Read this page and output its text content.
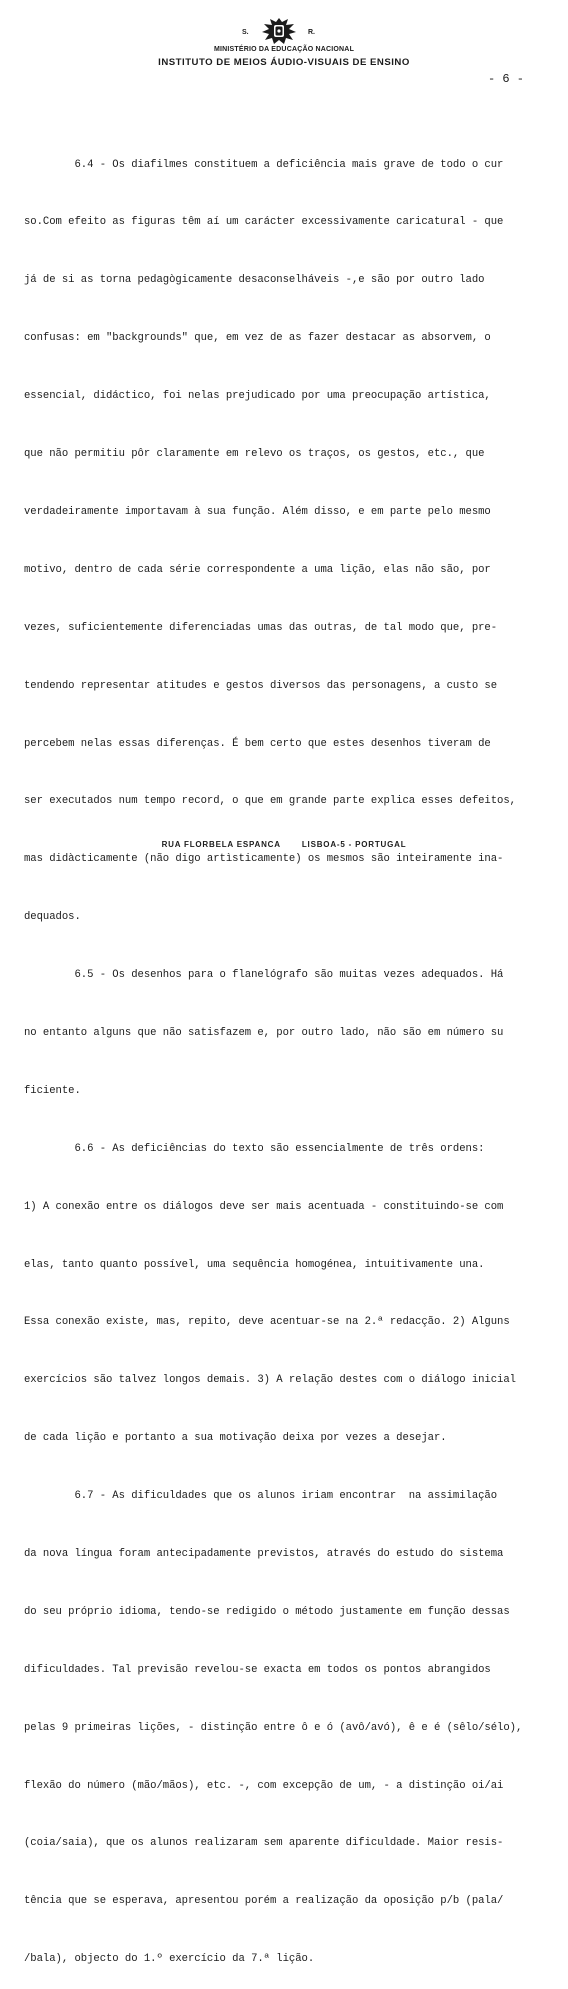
S.	R.
MINISTÉRIO DA EDUCAÇÃO NACIONAL
INSTITUTO DE MEIOS ÁUDIO-VISUAIS DE ENSINO
- 6 -

6.4 - Os diafilmes constituem a deficiência mais grave de todo o cur

so.Com efeito as figuras têm aí um carácter excessivamente caricatural - que

já de si as torna pedagògicamente desaconselháveis -,e são por outro lado

confusas: em "backgrounds" que, em vez de as fazer destacar as absorvem, o

essencial, didáctico, foi nelas prejudicado por uma preocupação artística,

que não permitiu pôr claramente em relevo os traços, os gestos, etc., que

verdadeiramente importavam à sua função. Além disso, e em parte pelo mesmo

motivo, dentro de cada série correspondente a uma lição, elas não são, por

vezes, suficientemente diferenciadas umas das outras, de tal modo que, pre-

tendendo representar atitudes e gestos diversos das personagens, a custo se

percebem nelas essas diferenças. É bem certo que estes desenhos tiveram de

ser executados num tempo record, o que em grande parte explica esses defeitos,

mas didàcticamente (não digo artìsticamente) os mesmos são inteiramente ina-

dequados.

6.5 - Os desenhos para o flanelógrafo são muitas vezes adequados. Há

no entanto alguns que não satisfazem e, por outro lado, não são em número su

ficiente.

6.6 - As deficiências do texto são essencialmente de três ordens:

1) A conexão entre os diálogos deve ser mais acentuada - constituindo-se com

elas, tanto quanto possível, uma sequência homogénea, intuitivamente una.

Essa conexão existe, mas, repito, deve acentuar-se na 2.ª redacção. 2) Alguns

exercícios são talvez longos demais. 3) A relação destes com o diálogo inicial

de cada lição e portanto a sua motivação deixa por vezes a desejar.

6.7 - As dificuldades que os alunos iriam encontrar  na assimilação

da nova língua foram antecipadamente previstos, através do estudo do sistema

do seu próprio idioma, tendo-se redigido o método justamente em função dessas

dificuldades. Tal previsão revelou-se exacta em todos os pontos abrangidos

pelas 9 primeiras lições, - distinção entre ô e ó (avô/avó), ê e é (sêlo/sélo),

flexão do número (mão/mãos), etc. -, com excepção de um, - a distinção oi/ai

(coia/saia), que os alunos realizaram sem aparente dificuldade. Maior resis-

tência que se esperava, apresentou porém a realização da oposição p/b (pala/

/bala), objecto do 1.º exercício da 7.ª lição.

RUA FLORBELA ESPANCA	LISBOA-5 - PORTUGAL
